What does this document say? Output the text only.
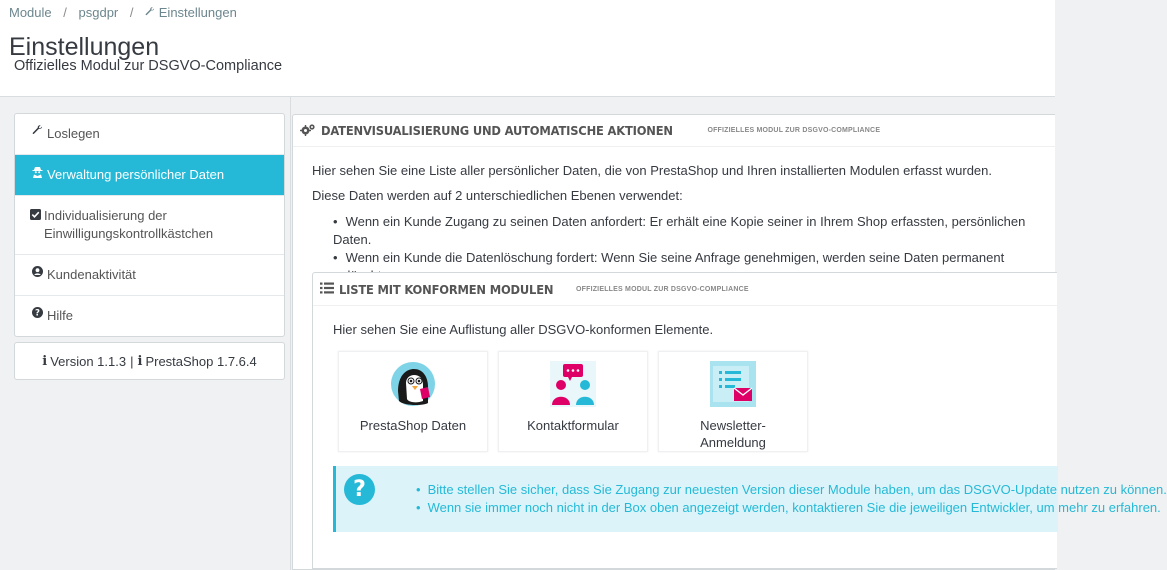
Module / psgdpr / Einstellungen
Einstellungen
Offizielles Modul zur DSGVO-Compliance
Loslegen
Verwaltung persönlicher Daten
Individualisierung der Einwilligungskontrollkästchen
Kundenaktivität
? Hilfe
i Version 1.1.3 | i PrestaShop 1.7.6.4
DATENVISUALISIERUNG UND AUTOMATISCHE AKTIONEN	OFFIZIELLES MODUL ZUR DSGVO-COMPLIANCE
Hier sehen Sie eine Liste aller persönlicher Daten, die von PrestaShop und Ihren installierten Modulen erfasst wurden.
Diese Daten werden auf 2 unterschiedlichen Ebenen verwendet:
• Wenn ein Kunde Zugang zu seinen Daten anfordert: Er erhält eine Kopie seiner in Ihrem Shop erfassten, persönlichen Daten.
• Wenn ein Kunde die Datenlöschung fordert: Wenn Sie seine Anfrage genehmigen, werden seine Daten permanent
LISTE MIT KONFORMEN MODULEN	OFFIZIELLES MODUL ZUR DSGVO-COMPLIANCE
Hier sehen Sie eine Auflistung aller DSGVO-konformen Elemente.
PrestaShop Daten	Kontaktformular	Newsletter-Anmeldung
?
•	Bitte stellen Sie sicher, dass Sie Zugang zur neuesten Version dieser Module haben, um das DSGVO-Update nutzen zu können.
• Wenn sie immer noch nicht in der Box oben angezeigt werden, kontaktieren Sie die jeweiligen Entwickler, um mehr zu erfahren.
